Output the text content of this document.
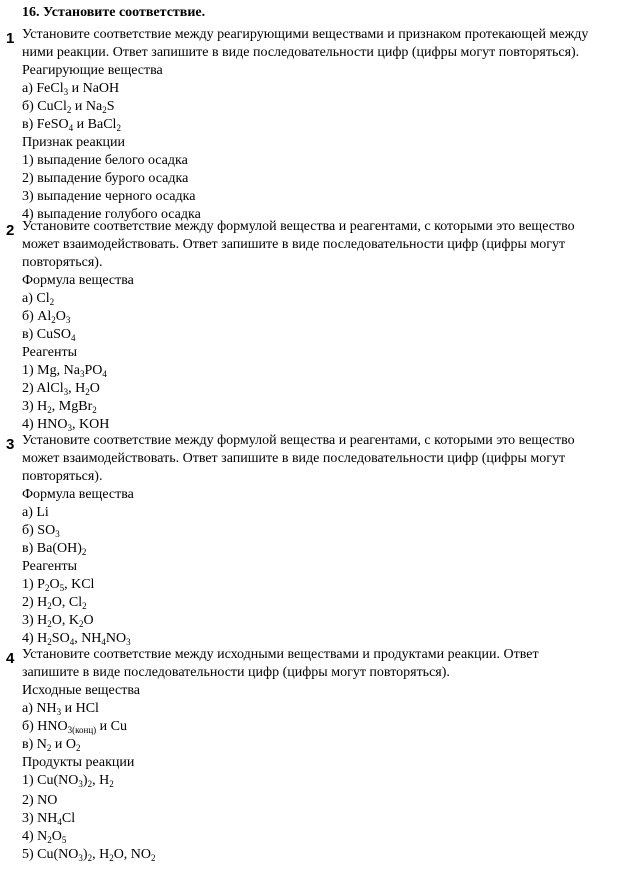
16. Установите соответствие.
1 Установите соответствие между реагирующими веществами и признаком протекающей между
ними реакции. Ответ запишите в виде последовательности цифр (цифры могут повторяться).
Реагирующие вещества
а) FeCl$_3$ и NaOH
б) CuCl$_2$ и $Na_2S$
в) FeSO$_4$ и BaCl$_2$
Признак реакции
1) выпадение белого осадка
2) выпадение бурого осадка
3) выпадение черного осадка
4) выпадение голубого осадка
2 Установите соответствие между формулой вещества и реагентами, с которыми это вещество
может взаимодействовать. Ответ запишите в виде последовательности цифр (цифры могут
повторяться).
Формула вещества
а) $Cl_2$
б) $Al_2O_3$
в) CuSO$_4$
Реагенты
1) Mg, $Na_3PO_4$
2) AlCl$_3$, $H_2O$
3) $H_2$, MgBr$_2$
4) $HNO_3$, KOH
3 Установите соответствие между формулой вещества и реагентами, с которыми это вещество
может взаимодействовать. Ответ запишите в виде последовательности цифр (цифры могут
повторяться).
Формула вещества
а) Li
б) $SO_3$
в) $Ba(OH)_2$
Реагенты
1) $P_2O_5$, KCl
2) $H_2O$, $Cl_2$
3) $H_2O$, $K_2O$
4) $H_2SO_4$, $NH_4NO_3$
4 Установите соответствие между исходными веществами и продуктами реакции. Ответ
запишите в виде последовательности цифр (цифры могут повторяться).
Исходные вещества
а) $NH_3$ и HCl
б) $HNO_{3(конц)}$ и Cu
в) $N_2$ и $O_2$
Продукты реакции
1) $Cu(NO_3)_2$, $H_2$
2) NO
3) $NH_4Cl$
4) $N_2O_5$
5) $Cu(NO_3)_2$, $H_2O$, $NO_2$
